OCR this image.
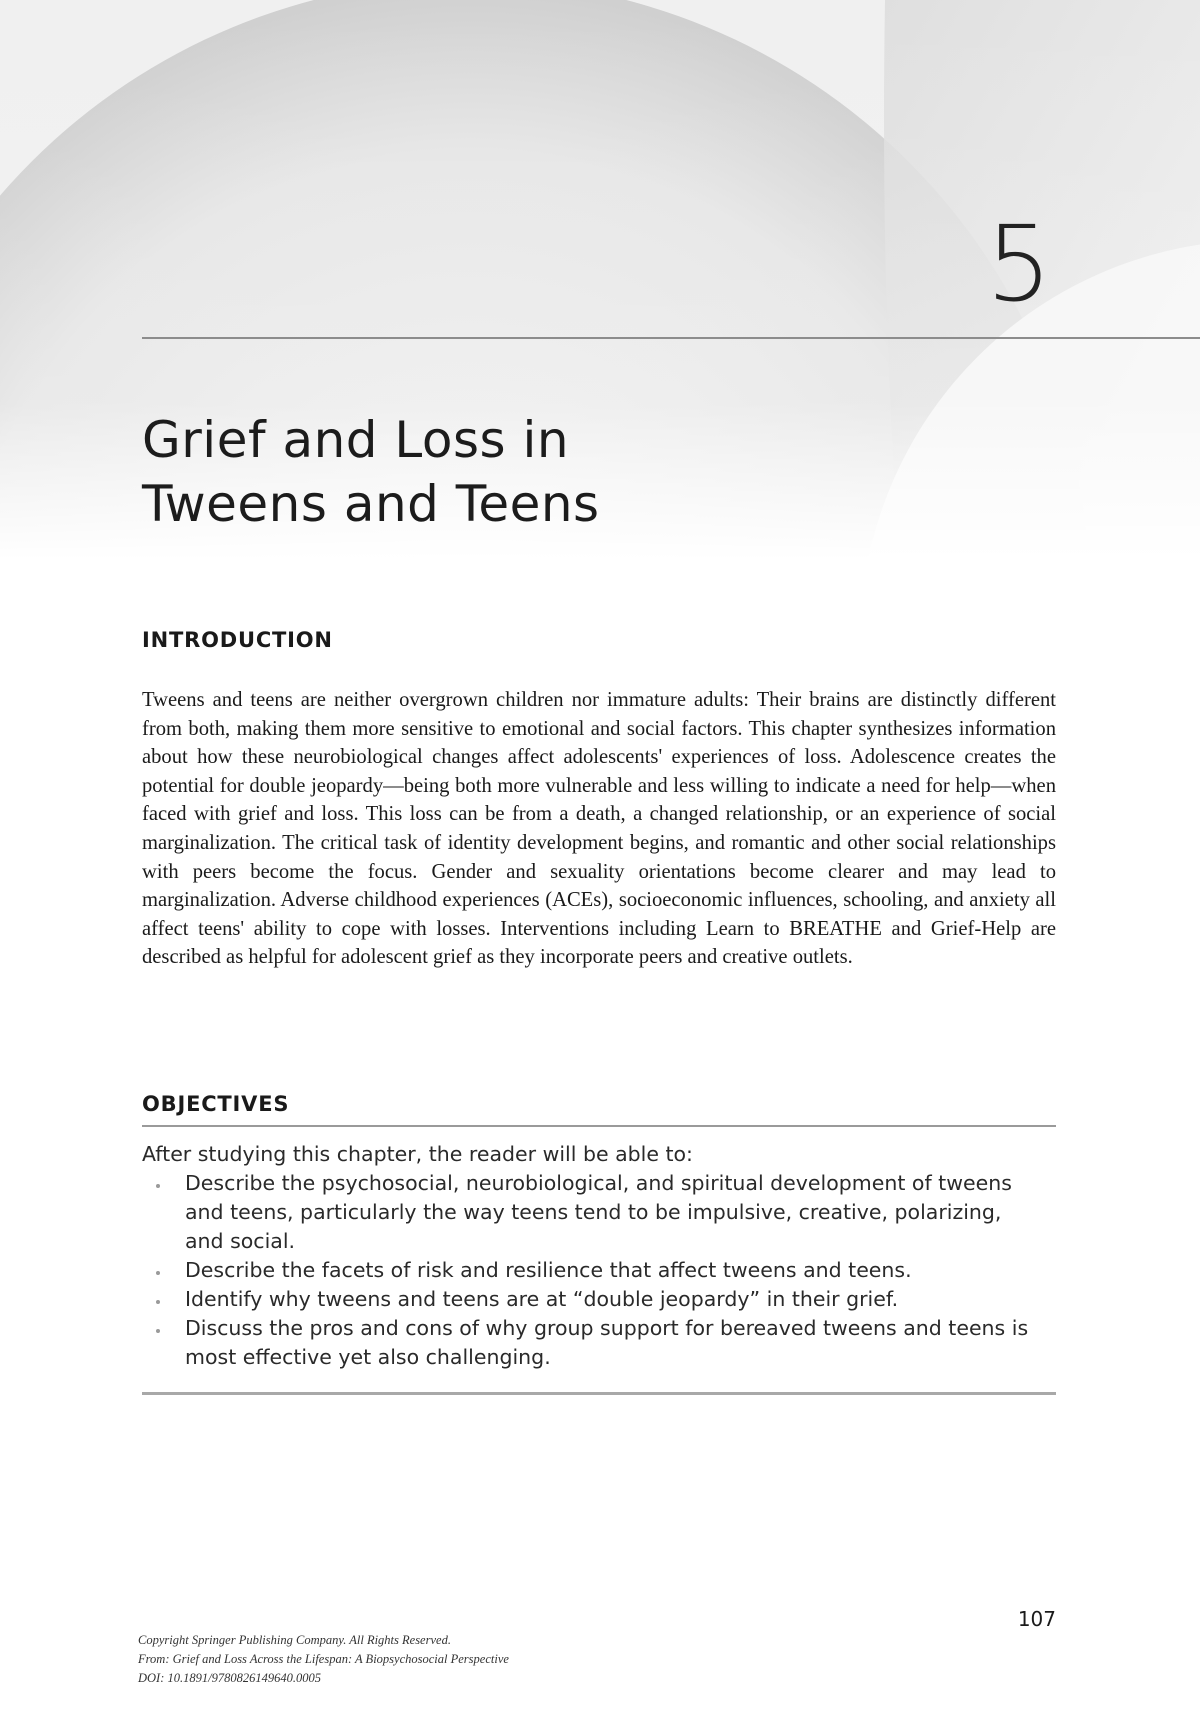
5
Grief and Loss in
Tweens and Teens
INTRODUCTION

Tweens and teens are neither overgrown children nor immature adults: Their brains are distinctly different from both, making them more sensitive to emotional and social factors. This chapter synthesizes information about how these neurobiological changes affect adolescents' experiences of loss. Adolescence creates the potential for double jeopardy—being both more vulnerable and less willing to indicate a need for help—when faced with grief and loss. This loss can be from a death, a changed relationship, or an experience of social marginalization. The critical task of identity development begins, and romantic and other social relationships with peers become the focus. Gender and sexuality orientations become clearer and may lead to marginalization. Adverse childhood experiences (ACEs), socioeconomic influences, schooling, and anxiety all affect teens' ability to cope with losses. Interventions including Learn to BREATHE and Grief-Help are described as helpful for adolescent grief as they incorporate peers and creative outlets.

OBJECTIVES

After studying this chapter, the reader will be able to:

Describe the psychosocial, neurobiological, and spiritual development of tweens and teens, particularly the way teens tend to be impulsive, creative, polarizing, and social.
Describe the facets of risk and resilience that affect tweens and teens.
Identify why tweens and teens are at “double jeopardy” in their grief.
Discuss the pros and cons of why group support for bereaved tweens and teens is most effective yet also challenging.

107

Copyright Springer Publishing Company. All Rights Reserved.
From: Grief and Loss Across the Lifespan: A Biopsychosocial Perspective
DOI: 10.1891/9780826149640.0005
